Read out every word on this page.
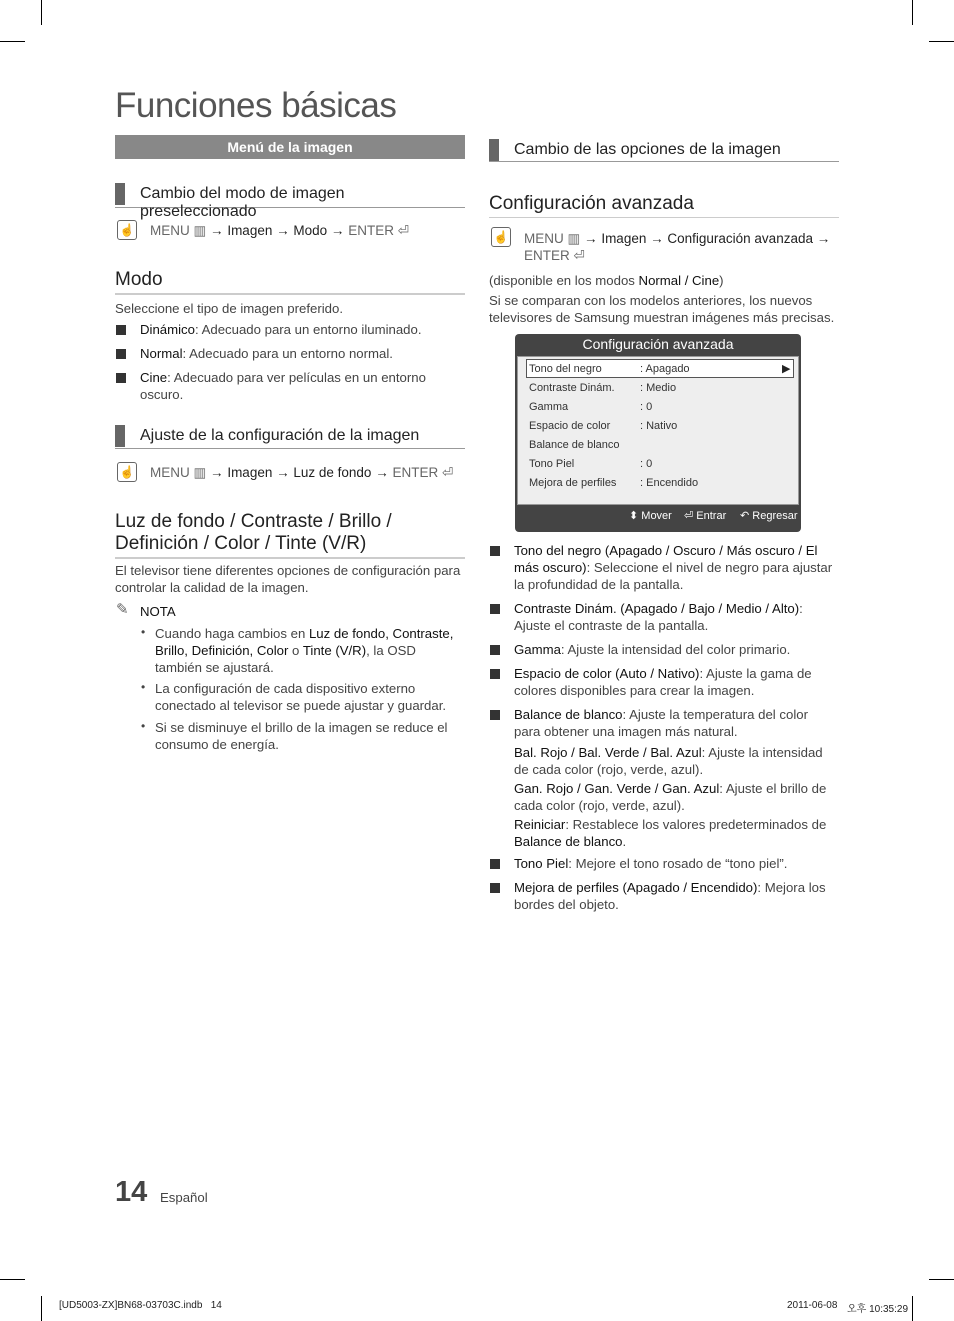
Funciones básicas
Menú de la imagen
Cambio del modo de imagen preseleccionado
☝ MENU ▥ → Imagen → Modo → ENTER ⏎
Modo
Seleccione el tipo de imagen preferido.
Dinámico: Adecuado para un entorno iluminado.
Normal: Adecuado para un entorno normal.
Cine: Adecuado para ver películas en un entorno
oscuro.
Ajuste de la configuración de la imagen
☝ MENU ▥ → Imagen → Luz de fondo → ENTER ⏎
Luz de fondo / Contraste / Brillo /
Definición / Color / Tinte (V/R)
El televisor tiene diferentes opciones de configuración para
controlar la calidad de la imagen.
✎ NOTA
• Cuando haga cambios en Luz de fondo, Contraste,
Brillo, Definición, Color o Tinte (V/R), la OSD
también se ajustará.
• La configuración de cada dispositivo externo
conectado al televisor se puede ajustar y guardar.
• Si se disminuye el brillo de la imagen se reduce el
consumo de energía.
Cambio de las opciones de la imagen
Configuración avanzada
☝ MENU ▥ → Imagen → Configuración avanzada →
ENTER ⏎
(disponible en los modos Normal / Cine)
Si se comparan con los modelos anteriores, los nuevos
televisores de Samsung muestran imágenes más precisas.
Configuración avanzada
Tono del negro	: Apagado	▶
Contraste Dinám. : Medio
Gamma	: 0
Espacio de color	: Nativo
Balance de blanco
Tono Piel	: 0
Mejora de perfiles : Encendido
⬍ Mover ⏎ Entrar ↶ Regresar
Tono del negro (Apagado / Oscuro / Más oscuro / El
más oscuro): Seleccione el nivel de negro para ajustar
la profundidad de la pantalla.
Contraste Dinám. (Apagado / Bajo / Medio / Alto):
Ajuste el contraste de la pantalla.
Gamma: Ajuste la intensidad del color primario.
Espacio de color (Auto / Nativo): Ajuste la gama de
colores disponibles para crear la imagen.
Balance de blanco: Ajuste la temperatura del color
para obtener una imagen más natural.
Bal. Rojo / Bal. Verde / Bal. Azul: Ajuste la intensidad
de cada color (rojo, verde, azul).
Gan. Rojo / Gan. Verde / Gan. Azul: Ajuste el brillo de
cada color (rojo, verde, azul).
Reiniciar: Restablece los valores predeterminados de
Balance de blanco.
Tono Piel: Mejore el tono rosado de “tono piel”.
Mejora de perfiles (Apagado / Encendido): Mejora los
bordes del objeto.
14 Español
[UD5003-ZX]BN68-03703C.indb   14	2011-06-08 오후 10:35:29
